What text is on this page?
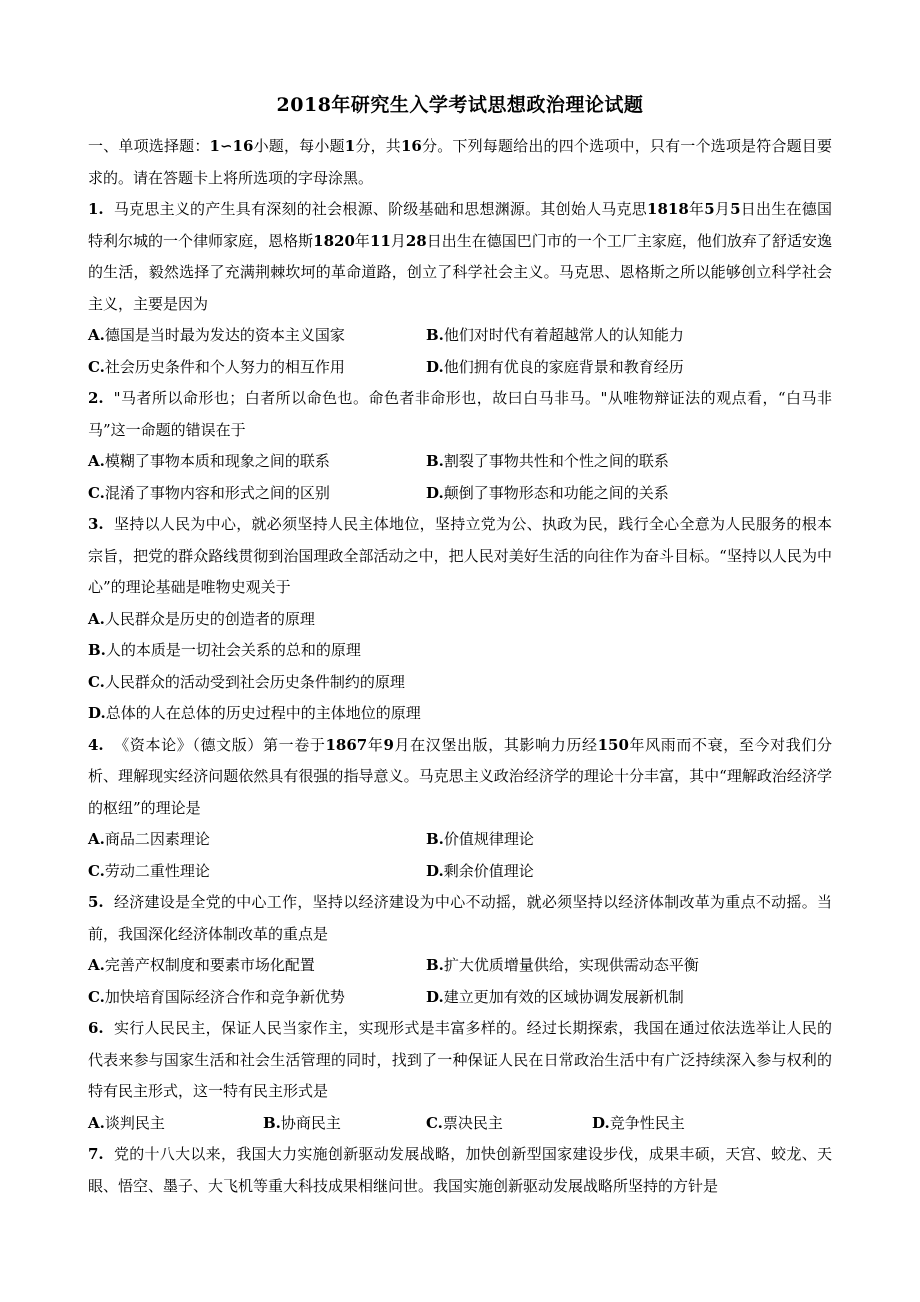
2018年研究生入学考试思想政治理论试题

一、单项选择题：1∽16小题，每小题1分，共16分。下列每题给出的四个选项中，只有一个选项是符合题目要求的。请在答题卡上将所选项的字母涂黑。

1. 马克思主义的产生具有深刻的社会根源、阶级基础和思想渊源。其创始人马克思1818年5月5日出生在德国特利尔城的一个律师家庭，恩格斯1820年11月28日出生在德国巴门市的一个工厂主家庭，他们放弃了舒适安逸的生活，毅然选择了充满荆棘坎坷的革命道路，创立了科学社会主义。马克思、恩格斯之所以能够创立科学社会主义，主要是因为

A.德国是当时最为发达的资本主义国家	B.他们对时代有着超越常人的认知能力
C.社会历史条件和个人努力的相互作用	D.他们拥有优良的家庭背景和教育经历

2. "马者所以命形也；白者所以命色也。命色者非命形也，故曰白马非马。"从唯物辩证法的观点看，“白马非马”这一命题的错误在于

A.模糊了事物本质和现象之间的联系	B.割裂了事物共性和个性之间的联系
C.混淆了事物内容和形式之间的区别	D.颠倒了事物形态和功能之间的关系

3. 坚持以人民为中心，就必须坚持人民主体地位，坚持立党为公、执政为民，践行全心全意为人民服务的根本宗旨，把党的群众路线贯彻到治国理政全部活动之中，把人民对美好生活的向往作为奋斗目标。“坚持以人民为中心”的理论基础是唯物史观关于

A.人民群众是历史的创造者的原理
B.人的本质是一切社会关系的总和的原理
C.人民群众的活动受到社会历史条件制约的原理
D.总体的人在总体的历史过程中的主体地位的原理

4. 《资本论》（德文版）第一卷于1867年9月在汉堡出版，其影响力历经150年风雨而不衰，至今对我们分析、理解现实经济问题依然具有很强的指导意义。马克思主义政治经济学的理论十分丰富，其中“理解政治经济学的枢纽”的理论是

A.商品二因素理论	B.价值规律理论
C.劳动二重性理论	D.剩余价值理论

5. 经济建设是全党的中心工作，坚持以经济建设为中心不动摇，就必须坚持以经济体制改革为重点不动摇。当前，我国深化经济体制改革的重点是

A.完善产权制度和要素市场化配置	B.扩大优质增量供给，实现供需动态平衡
C.加快培育国际经济合作和竞争新优势	D.建立更加有效的区域协调发展新机制

6. 实行人民民主，保证人民当家作主，实现形式是丰富多样的。经过长期探索，我国在通过依法选举让人民的代表来参与国家生活和社会生活管理的同时，找到了一种保证人民在日常政治生活中有广泛持续深入参与权利的特有民主形式，这一特有民主形式是

A.谈判民主	B.协商民主	C.票决民主	D.竞争性民主

7. 党的十八大以来，我国大力实施创新驱动发展战略，加快创新型国家建设步伐，成果丰硕，天宫、蛟龙、天眼、悟空、墨子、大飞机等重大科技成果相继问世。我国实施创新驱动发展战略所坚持的方针是
